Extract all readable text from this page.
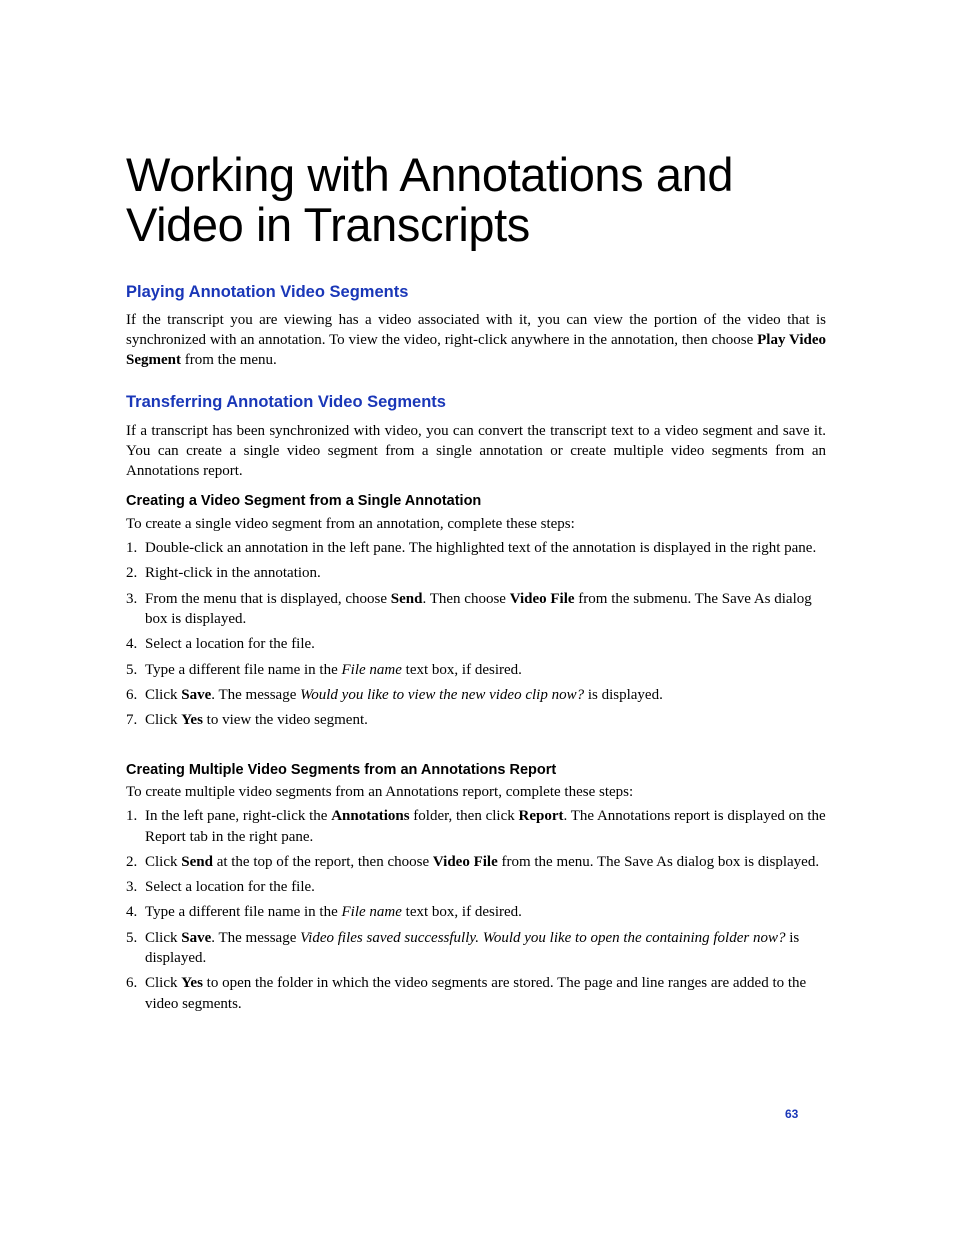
Working with Annotations and
Video in Transcripts
Playing Annotation Video Segments

If the transcript you are viewing has a video associated with it, you can view the portion of the video that is synchronized with an annotation. To view the video, right-click anywhere in the annotation, then choose Play Video Segment from the menu.

Transferring Annotation Video Segments

If a transcript has been synchronized with video, you can convert the transcript text to a video segment and save it. You can create a single video segment from a single annotation or create multiple video segments from an Annotations report.

Creating a Video Segment from a Single Annotation

To create a single video segment from an annotation, complete these steps:

1. Double-click an annotation in the left pane. The highlighted text of the annotation is displayed in the right pane.
2. Right-click in the annotation.
3. From the menu that is displayed, choose Send. Then choose Video File from the submenu. The Save As dialog box is displayed.
4. Select a location for the file.
5. Type a different file name in the File name text box, if desired.
6. Click Save. The message Would you like to view the new video clip now? is displayed.
7. Click Yes to view the video segment.
Creating Multiple Video Segments from an Annotations Report

To create multiple video segments from an Annotations report, complete these steps:

1. In the left pane, right-click the Annotations folder, then click Report. The Annotations report is displayed on the Report tab in the right pane.
2. Click Send at the top of the report, then choose Video File from the menu. The Save As dialog box is displayed.
3. Select a location for the file.
4. Type a different file name in the File name text box, if desired.
5. Click Save. The message Video files saved successfully. Would you like to open the containing folder now? is displayed.
6. Click Yes to open the folder in which the video segments are stored. The page and line ranges are added to the video segments.
63
